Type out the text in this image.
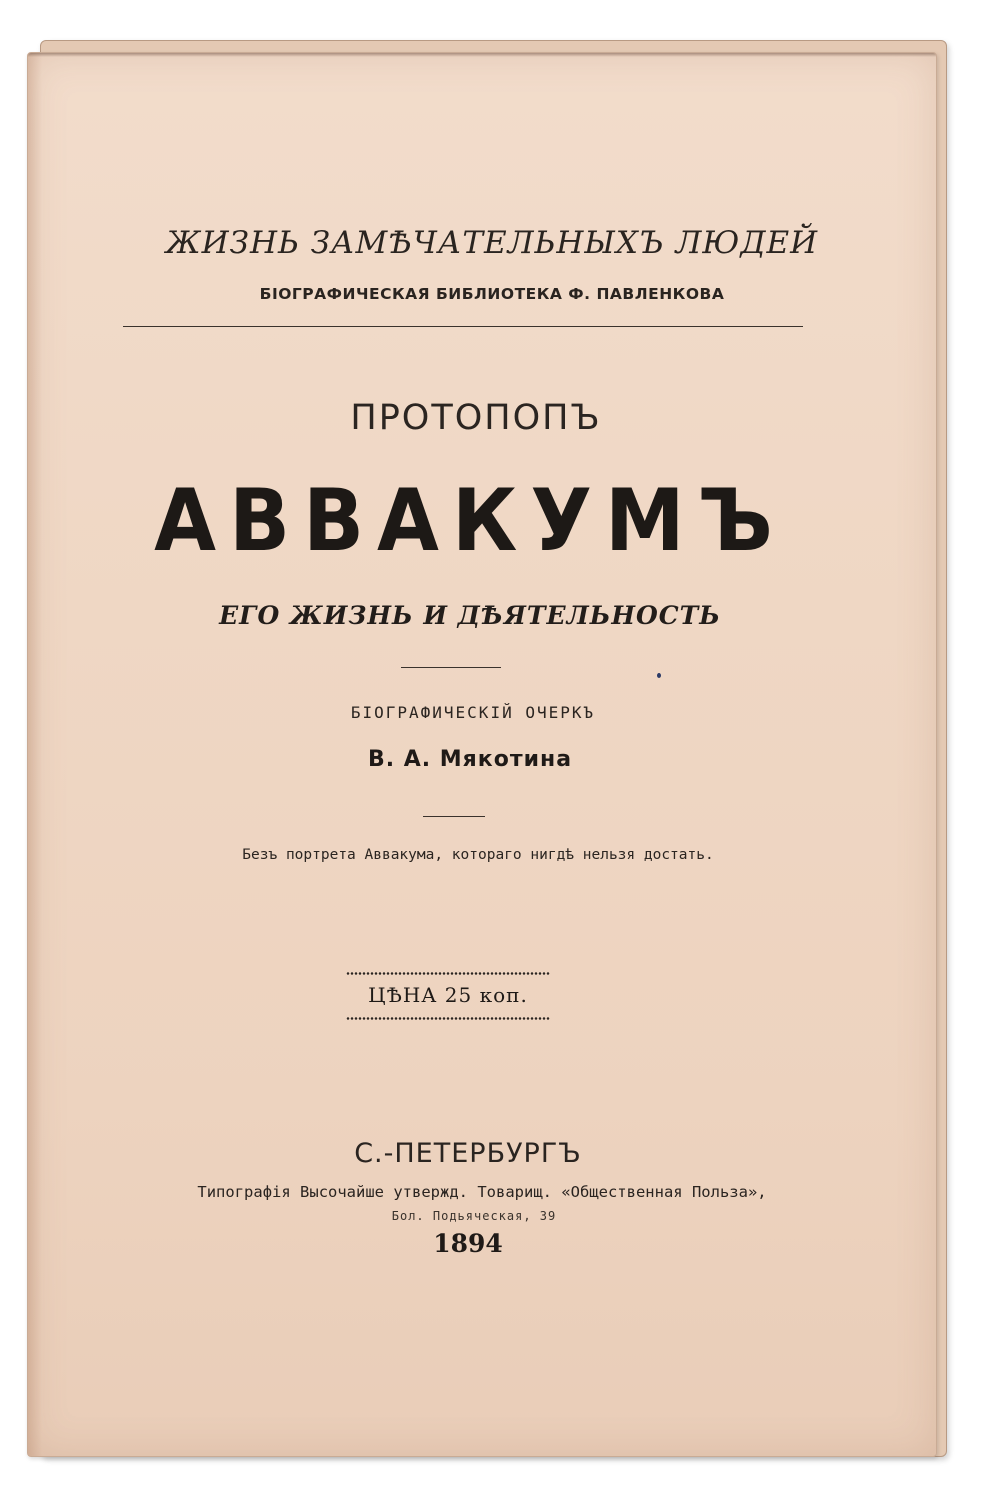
ЖИЗНЬ ЗАМѢЧАТЕЛЬНЫХЪ ЛЮДЕЙ
БІОГРАФИЧЕСКАЯ БИБЛИОТЕКА Ф. ПАВЛЕНКОВА
ПРОТОПОПЪ
АВВАКУМЪ
ЕГО ЖИЗНЬ И ДѢЯТЕЛЬНОСТЬ
БІОГРАФИЧЕСКІЙ ОЧЕРКЪ
В. А. Мякотина
Безъ портрета Аввакума, котораго нигдѣ нельзя достать.
ЦѢНА 25 коп.
С.-ПЕТЕРБУРГЪ
Типографія Высочайше утвержд. Товарищ. «Общественная Польза»,
Бол. Подьяческая, 39
1894
